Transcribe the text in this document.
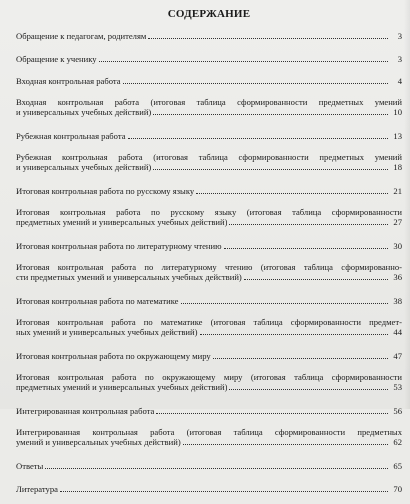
СОДЕРЖАНИЕ
Обращение к педагогам, родителям	3
Обращение к ученику	3
Входная контрольная работа	4
Входная контрольная работа (итоговая таблица сформированности предметных умений
и универсальных учебных действий)	10
Рубежная контрольная работа	13
Рубежная контрольная работа (итоговая таблица сформированности предметных умений
и универсальных учебных действий)	18
Итоговая контрольная работа по русскому языку	21
Итоговая контрольная работа по русскому языку (итоговая таблица сформированности
предметных умений и универсальных учебных действий)	27
Итоговая контрольная работа по литературному чтению	30
Итоговая контрольная работа по литературному чтению (итоговая таблица сформированно-
сти предметных умений и универсальных учебных действий)	36
Итоговая контрольная работа по математике	38
Итоговая контрольная работа по математике (итоговая таблица сформированности предмет-
ных умений и универсальных учебных действий)	44
Итоговая контрольная работа по окружающему миру	47
Итоговая контрольная работа по окружающему миру (итоговая таблица сформированности
предметных умений и универсальных учебных действий)	53
Интегрированная контрольная работа	56
Интегрированная контрольная работа (итоговая таблица сформированности предметных
умений и универсальных учебных действий)	62
Ответы	65
Литература	70
